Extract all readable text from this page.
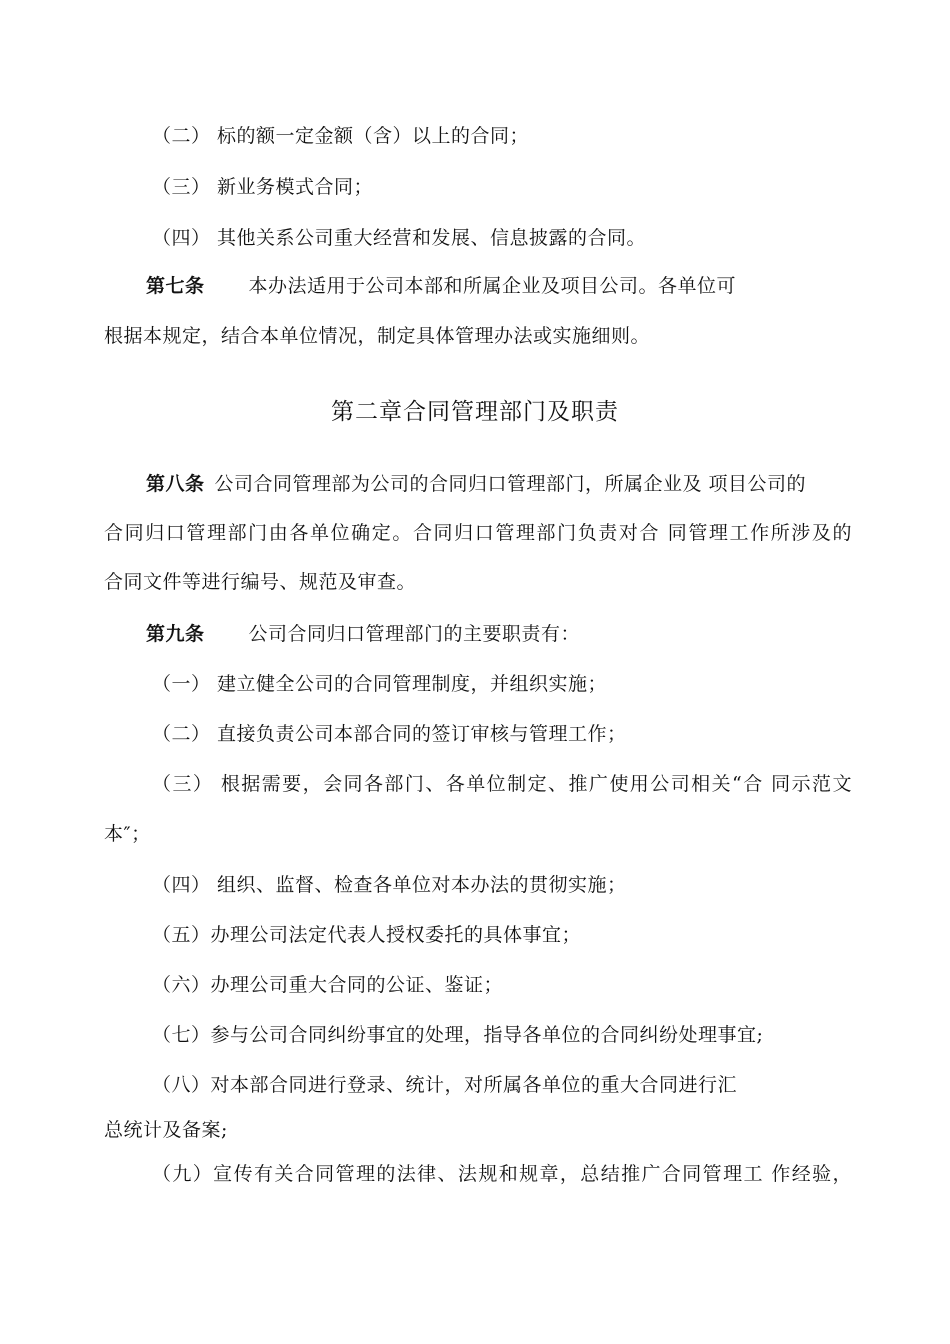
（二） 标的额一定金额（含）以上的合同；
（三） 新业务模式合同；
（四） 其他关系公司重大经营和发展、信息披露的合同。
第七条 本办法适用于公司本部和所属企业及项目公司。各单位可
根据本规定，结合本单位情况，制定具体管理办法或实施细则。
第二章合同管理部门及职责
第八条 公司合同管理部为公司的合同归口管理部门，所属企业及 项目公司的
合同归口管理部门由各单位确定。合同归口管理部门负责对合 同管理工作所涉及的
合同文件等进行编号、规范及审查。
第九条 公司合同归口管理部门的主要职责有：
（一） 建立健全公司的合同管理制度，并组织实施；
（二） 直接负责公司本部合同的签订审核与管理工作；
（三） 根据需要，会同各部门、各单位制定、推广使用公司相关“合 同示范文
本″；
（四） 组织、监督、检查各单位对本办法的贯彻实施；
（五）办理公司法定代表人授权委托的具体事宜；
（六）办理公司重大合同的公证、鉴证；
（七）参与公司合同纠纷事宜的处理，指导各单位的合同纠纷处理事宜;
（八）对本部合同进行登录、统计，对所属各单位的重大合同进行汇
总统计及备案;
（九）宣传有关合同管理的法律、法规和规章，总结推广合同管理工 作经验，
